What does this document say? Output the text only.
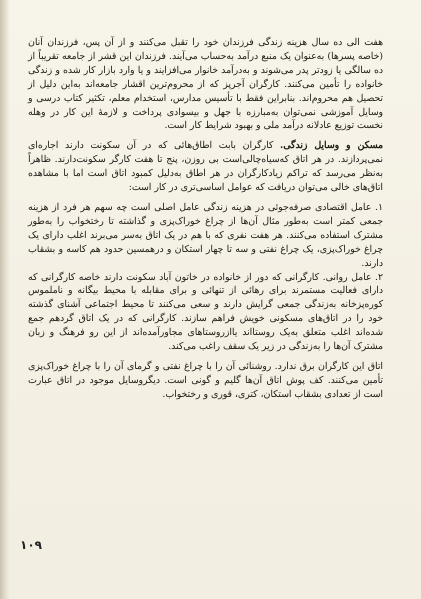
هفت الی ده سال هزینه زندگی فرزندان خود را تقبل می‌کنند و از آن پس، فرزندان آنان (خاصه پسرها) به‌عنوان یک منبع درآمد به‌حساب می‌آیند. فرزندان این قشر از جامعه تقریباً از ده سالگی یا زودتر پدر می‌شوند و به‌درآمد خانوار می‌افزایند و یا وارد بازار کار شده و زندگی خانواده را تأمین می‌کنند. کارگران آجرپز که از محروم‌ترین اقشار جامعه‌اند به‌این دلیل از تحصیل هم محروم‌اند. بنابراین فقط با تأسیس مدارس، استخدام معلم، تکثیر کتاب درسی و وسایل آموزشی نمی‌توان به‌مبارزه با جهل و بیسوادی پرداخت و لازمهٔ این کار در وهله نخست توزیع عادلانه درآمد ملی و بهبود شرایط کار است.

مسکن و وسایل زندگی. کارگران بابت اطاق‌هائی که در آن سکونت دارند اجاره‌ای نمی‌پردازند. در هر اتاق که‌سیاه‌چالی‌است بی روزن، پنج تا هفت کارگر سکونت‌دارند. ظاهراً به‌نظر می‌رسد که تراکم زیاد‌کارگران در هر اطاق به‌دلیل کمبود اتاق است اما با مشاهده اتاق‌های خالی می‌توان دریافت که عوامل اساسی‌تری در کار است:

۱. عامل اقتصادی صرفه‌جوئی در هزینه زندگی عامل اصلی است چه سهم هر فرد از هزینه جمعی کمتر است به‌طور مثال آن‌ها از چراغ خوراک‌پزی و گذاشته تا رختخواب را به‌طور مشترک استفاده می‌کنند. هر هفت نفری که با هم در یک اتاق به‌سر می‌برند اغلب دارای یک چراغ خوراک‌پزی، یک چراغ نفتی و سه تا چهار استکان و درهمسین حدود هم کاسه و بشقاب دارند.

۲. عامل روانی. کارگرانی که دور از خانواده در خاتون آباد سکونت دارند خاصه کارگرانی که دارای فعالیت مستمرند برای رهائی از تنهائی و برای مقابله با محیط بیگانه و ناملموس کوره‌پزخانه به‌زندگی جمعی گرایش دارند و سعی می‌کنند تا محیط اجتماعی آشنای گذشته خود را در اتاق‌های مسکونی خویش فراهم سازند. کارگرانی که در یک اتاق گردهم جمع شده‌اند اغلب متعلق به‌یک روستااند یااز‌روستاهای مجاور‌آمده‌اند از این رو فرهنگ و زبان مشترک آن‌ها را به‌زندگی در زیر یک سقف راغب می‌کند.

اتاق این کارگران برق ندارد. روشنائی آن را با چراغ نفتی و گرمای آن را با چراغ خوراک‌پزی تأمین می‌کنند. کف پوش اتاق آن‌ها گلیم و گونی است. دیگروسایل موجود در اتاق عبارت است از تعدادی بشقاب استکان، کتری، قوری و رختخواب.

۱۰۹
